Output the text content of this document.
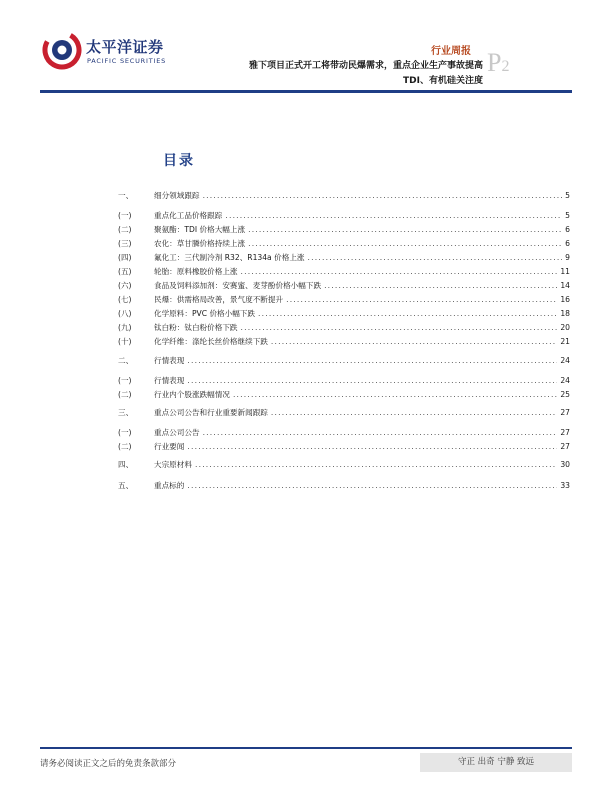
太平洋证券
PACIFIC SECURITIES
行业周报
雅下项目正式开工将带动民爆需求，重点企业生产事故提高
TDI、有机硅关注度
P2
目录
一、	细分领域跟踪 .....	5
(一)	重点化工品价格跟踪 .....	5
(二)	聚氨酯：TDI 价格大幅上涨 .....	6
(三)	农化：草甘膦价格持续上涨 .....	6
(四)	氟化工：三代制冷剂 R32、R134a 价格上涨 .....	9
(五)	轮胎：原料橡胶价格上涨 .....	11
(六)	食品及饲料添加剂：安赛蜜、麦芽酚价格小幅下跌 .....	14
(七)	民爆：供需格局改善，景气度不断提升 .....	16
(八)	化学原料：PVC 价格小幅下跌 .....	18
(九)	钛白粉：钛白粉价格下跌 .....	20
(十)	化学纤维：涤纶长丝价格继续下跌 .....	21
二、	行情表现 .....	24
(一)	行情表现 .....	24
(二)	行业内个股涨跌幅情况 .....	25
三、	重点公司公告和行业重要新闻跟踪 .....	27
(一)	重点公司公告 .....	27
(二)	行业要闻 .....	27
四、	大宗原材料 .....	30
五、	重点标的 .....	33
请务必阅读正文之后的免责条款部分	守正 出奇 宁静 致远
